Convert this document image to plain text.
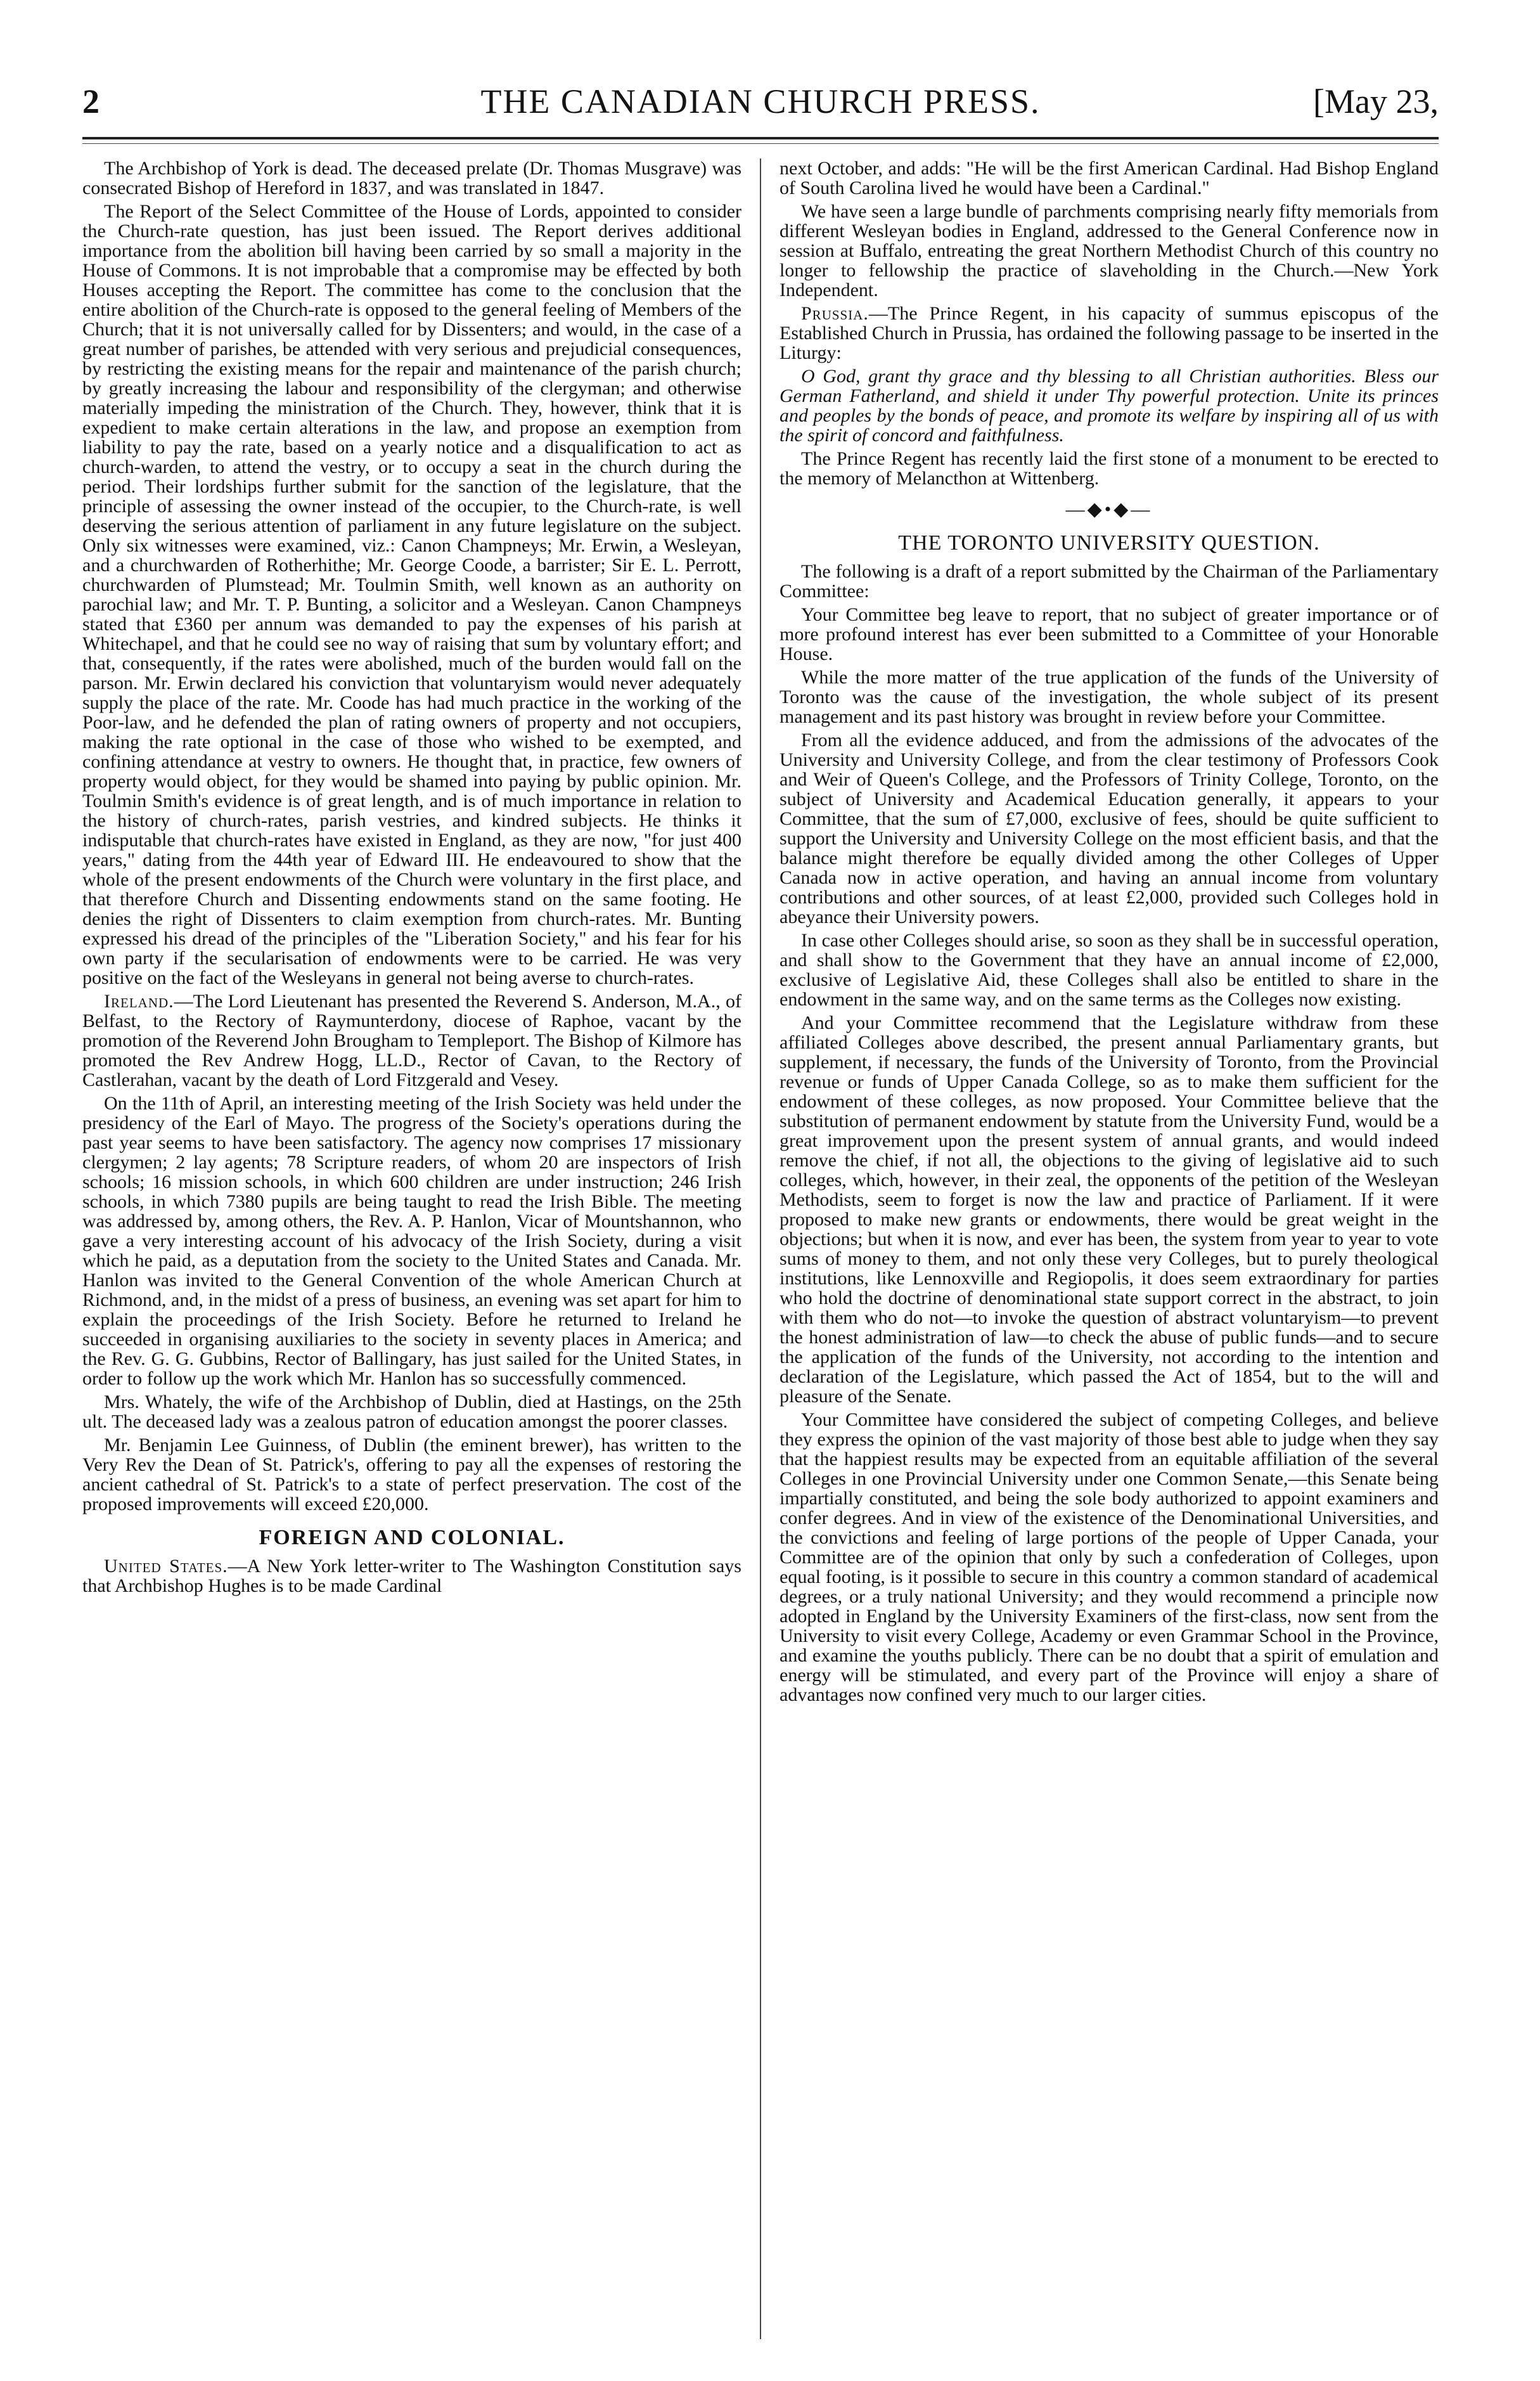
2	THE CANADIAN CHURCH PRESS.	[May 23,

The Archbishop of York is dead. The deceased prelate (Dr. Thomas Musgrave) was consecrated Bishop of Hereford in 1837, and was translated in 1847.

The Report of the Select Committee of the House of Lords, appointed to consider the Church-rate question, has just been issued. The Report derives additional importance from the abolition bill having been carried by so small a majority in the House of Commons. It is not improbable that a compromise may be effected by both Houses accepting the Report. The committee has come to the conclusion that the entire abolition of the Church-rate is opposed to the general feeling of Members of the Church; that it is not universally called for by Dissenters; and would, in the case of a great number of parishes, be attended with very serious and prejudicial consequences, by restricting the existing means for the repair and maintenance of the parish church; by greatly increasing the labour and responsibility of the clergyman; and otherwise materially impeding the ministration of the Church. They, however, think that it is expedient to make certain alterations in the law, and propose an exemption from liability to pay the rate, based on a yearly notice and a disqualification to act as church-warden, to attend the vestry, or to occupy a seat in the church during the period. Their lordships further submit for the sanction of the legislature, that the principle of assessing the owner instead of the occupier, to the Church-rate, is well deserving the serious attention of parliament in any future legislature on the subject. Only six witnesses were examined, viz.: Canon Champneys; Mr. Erwin, a Wesleyan, and a churchwarden of Rotherhithe; Mr. George Coode, a barrister; Sir E. L. Perrott, churchwarden of Plumstead; Mr. Toulmin Smith, well known as an authority on parochial law; and Mr. T. P. Bunting, a solicitor and a Wesleyan. Canon Champneys stated that £360 per annum was demanded to pay the expenses of his parish at Whitechapel, and that he could see no way of raising that sum by voluntary effort; and that, consequently, if the rates were abolished, much of the burden would fall on the parson. Mr. Erwin declared his conviction that voluntaryism would never adequately supply the place of the rate. Mr. Coode has had much practice in the working of the Poor-law, and he defended the plan of rating owners of property and not occupiers, making the rate optional in the case of those who wished to be exempted, and confining attendance at vestry to owners. He thought that, in practice, few owners of property would object, for they would be shamed into paying by public opinion. Mr. Toulmin Smith's evidence is of great length, and is of much importance in relation to the history of church-rates, parish vestries, and kindred subjects. He thinks it indisputable that church-rates have existed in England, as they are now, "for just 400 years," dating from the 44th year of Edward III. He endeavoured to show that the whole of the present endowments of the Church were voluntary in the first place, and that therefore Church and Dissenting endowments stand on the same footing. He denies the right of Dissenters to claim exemption from church-rates. Mr. Bunting expressed his dread of the principles of the "Liberation Society," and his fear for his own party if the secularisation of endowments were to be carried. He was very positive on the fact of the Wesleyans in general not being averse to church-rates.

Ireland.—The Lord Lieutenant has presented the Reverend S. Anderson, M.A., of Belfast, to the Rectory of Raymunterdony, diocese of Raphoe, vacant by the promotion of the Reverend John Brougham to Templeport. The Bishop of Kilmore has promoted the Rev Andrew Hogg, LL.D., Rector of Cavan, to the Rectory of Castlerahan, vacant by the death of Lord Fitzgerald and Vesey.

On the 11th of April, an interesting meeting of the Irish Society was held under the presidency of the Earl of Mayo. The progress of the Society's operations during the past year seems to have been satisfactory. The agency now comprises 17 missionary clergymen; 2 lay agents; 78 Scripture readers, of whom 20 are inspectors of Irish schools; 16 mission schools, in which 600 children are under instruction; 246 Irish schools, in which 7380 pupils are being taught to read the Irish Bible. The meeting was addressed by, among others, the Rev. A. P. Hanlon, Vicar of Mountshannon, who gave a very interesting account of his advocacy of the Irish Society, during a visit which he paid, as a deputation from the society to the United States and Canada. Mr. Hanlon was invited to the General Convention of the whole American Church at Richmond, and, in the midst of a press of business, an evening was set apart for him to explain the proceedings of the Irish Society. Before he returned to Ireland he succeeded in organising auxiliaries to the society in seventy places in America; and the Rev. G. G. Gubbins, Rector of Ballingary, has just sailed for the United States, in order to follow up the work which Mr. Hanlon has so successfully commenced.

Mrs. Whately, the wife of the Archbishop of Dublin, died at Hastings, on the 25th ult. The deceased lady was a zealous patron of education amongst the poorer classes.

Mr. Benjamin Lee Guinness, of Dublin (the eminent brewer), has written to the Very Rev the Dean of St. Patrick's, offering to pay all the expenses of restoring the ancient cathedral of St. Patrick's to a state of perfect preservation. The cost of the proposed improvements will exceed £20,000.

FOREIGN AND COLONIAL.

United States.—A New York letter-writer to The Washington Constitution says that Archbishop Hughes is to be made Cardinal

next October, and adds: "He will be the first American Cardinal. Had Bishop England of South Carolina lived he would have been a Cardinal."

We have seen a large bundle of parchments comprising nearly fifty memorials from different Wesleyan bodies in England, addressed to the General Conference now in session at Buffalo, entreating the great Northern Methodist Church of this country no longer to fellowship the practice of slaveholding in the Church.—New York Independent.

Prussia.—The Prince Regent, in his capacity of summus episcopus of the Established Church in Prussia, has ordained the following passage to be inserted in the Liturgy:

O God, grant thy grace and thy blessing to all Christian authorities. Bless our German Fatherland, and shield it under Thy powerful protection. Unite its princes and peoples by the bonds of peace, and promote its welfare by inspiring all of us with the spirit of concord and faithfulness.

The Prince Regent has recently laid the first stone of a monument to be erected to the memory of Melancthon at Wittenberg.

—◆•◆—
THE TORONTO UNIVERSITY QUESTION.

The following is a draft of a report submitted by the Chairman of the Parliamentary Committee:

Your Committee beg leave to report, that no subject of greater importance or of more profound interest has ever been submitted to a Committee of your Honorable House.

While the more matter of the true application of the funds of the University of Toronto was the cause of the investigation, the whole subject of its present management and its past history was brought in review before your Committee.

From all the evidence adduced, and from the admissions of the advocates of the University and University College, and from the clear testimony of Professors Cook and Weir of Queen's College, and the Professors of Trinity College, Toronto, on the subject of University and Academical Education generally, it appears to your Committee, that the sum of £7,000, exclusive of fees, should be quite sufficient to support the University and University College on the most efficient basis, and that the balance might therefore be equally divided among the other Colleges of Upper Canada now in active operation, and having an annual income from voluntary contributions and other sources, of at least £2,000, provided such Colleges hold in abeyance their University powers.

In case other Colleges should arise, so soon as they shall be in successful operation, and shall show to the Government that they have an annual income of £2,000, exclusive of Legislative Aid, these Colleges shall also be entitled to share in the endowment in the same way, and on the same terms as the Colleges now existing.

And your Committee recommend that the Legislature withdraw from these affiliated Colleges above described, the present annual Parliamentary grants, but supplement, if necessary, the funds of the University of Toronto, from the Provincial revenue or funds of Upper Canada College, so as to make them sufficient for the endowment of these colleges, as now proposed. Your Committee believe that the substitution of permanent endowment by statute from the University Fund, would be a great improvement upon the present system of annual grants, and would indeed remove the chief, if not all, the objections to the giving of legislative aid to such colleges, which, however, in their zeal, the opponents of the petition of the Wesleyan Methodists, seem to forget is now the law and practice of Parliament. If it were proposed to make new grants or endowments, there would be great weight in the objections; but when it is now, and ever has been, the system from year to year to vote sums of money to them, and not only these very Colleges, but to purely theological institutions, like Lennoxville and Regiopolis, it does seem extraordinary for parties who hold the doctrine of denominational state support correct in the abstract, to join with them who do not—to invoke the question of abstract voluntaryism—to prevent the honest administration of law—to check the abuse of public funds—and to secure the application of the funds of the University, not according to the intention and declaration of the Legislature, which passed the Act of 1854, but to the will and pleasure of the Senate.

Your Committee have considered the subject of competing Colleges, and believe they express the opinion of the vast majority of those best able to judge when they say that the happiest results may be expected from an equitable affiliation of the several Colleges in one Provincial University under one Common Senate,—this Senate being impartially constituted, and being the sole body authorized to appoint examiners and confer degrees. And in view of the existence of the Denominational Universities, and the convictions and feeling of large portions of the people of Upper Canada, your Committee are of the opinion that only by such a confederation of Colleges, upon equal footing, is it possible to secure in this country a common standard of academical degrees, or a truly national University; and they would recommend a principle now adopted in England by the University Examiners of the first-class, now sent from the University to visit every College, Academy or even Grammar School in the Province, and examine the youths publicly. There can be no doubt that a spirit of emulation and energy will be stimulated, and every part of the Province will enjoy a share of advantages now confined very much to our larger cities.
